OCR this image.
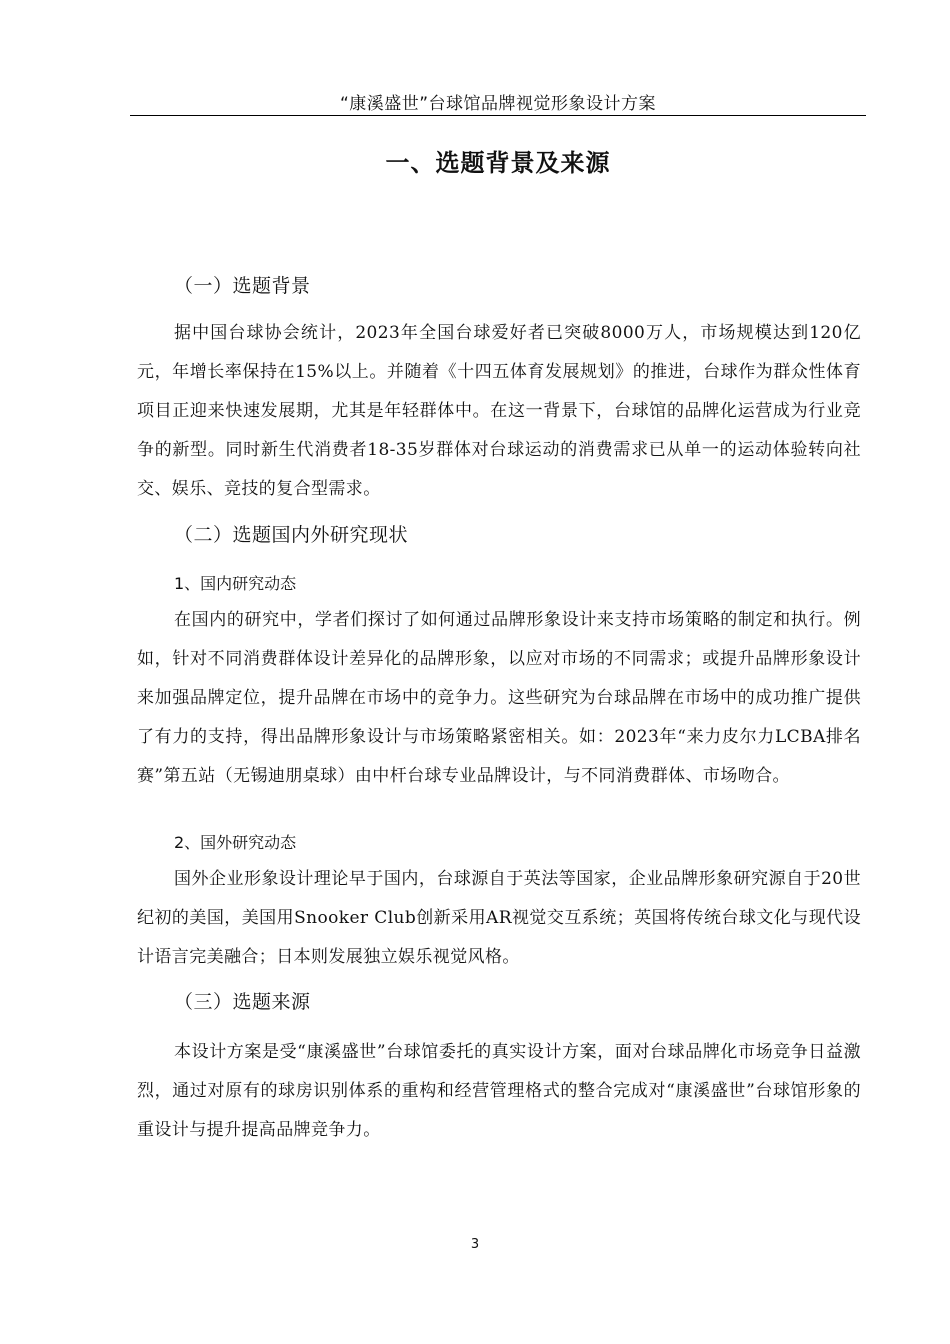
“康溪盛世”台球馆品牌视觉形象设计方案
一、选题背景及来源
（一）选题背景

据中国台球协会统计，2023年全国台球爱好者已突破8000万人，市场规模达到120亿元，年增长率保持在15%以上。并随着《十四五体育发展规划》的推进，台球作为群众性体育项目正迎来快速发展期，尤其是年轻群体中。在这一背景下，台球馆的品牌化运营成为行业竞争的新型。同时新生代消费者18-35岁群体对台球运动的消费需求已从单一的运动体验转向社交、娱乐、竞技的复合型需求。

（二）选题国内外研究现状
1、国内研究动态

在国内的研究中，学者们探讨了如何通过品牌形象设计来支持市场策略的制定和执行。例如，针对不同消费群体设计差异化的品牌形象，以应对市场的不同需求；或提升品牌形象设计来加强品牌定位，提升品牌在市场中的竞争力。这些研究为台球品牌在市场中的成功推广提供了有力的支持，得出品牌形象设计与市场策略紧密相关。如：2023年“来力皮尔力LCBA排名赛”第五站（无锡迪朋桌球）由中杆台球专业品牌设计，与不同消费群体、市场吻合。

2、国外研究动态

国外企业形象设计理论早于国内，台球源自于英法等国家，企业品牌形象研究源自于20世纪初的美国，美国用Snooker Club创新采用AR视觉交互系统；英国将传统台球文化与现代设计语言完美融合；日本则发展独立娱乐视觉风格。

（三）选题来源

本设计方案是受“康溪盛世”台球馆委托的真实设计方案，面对台球品牌化市场竞争日益激烈，通过对原有的球房识别体系的重构和经营管理格式的整合完成对“康溪盛世”台球馆形象的重设计与提升提高品牌竞争力。

3
